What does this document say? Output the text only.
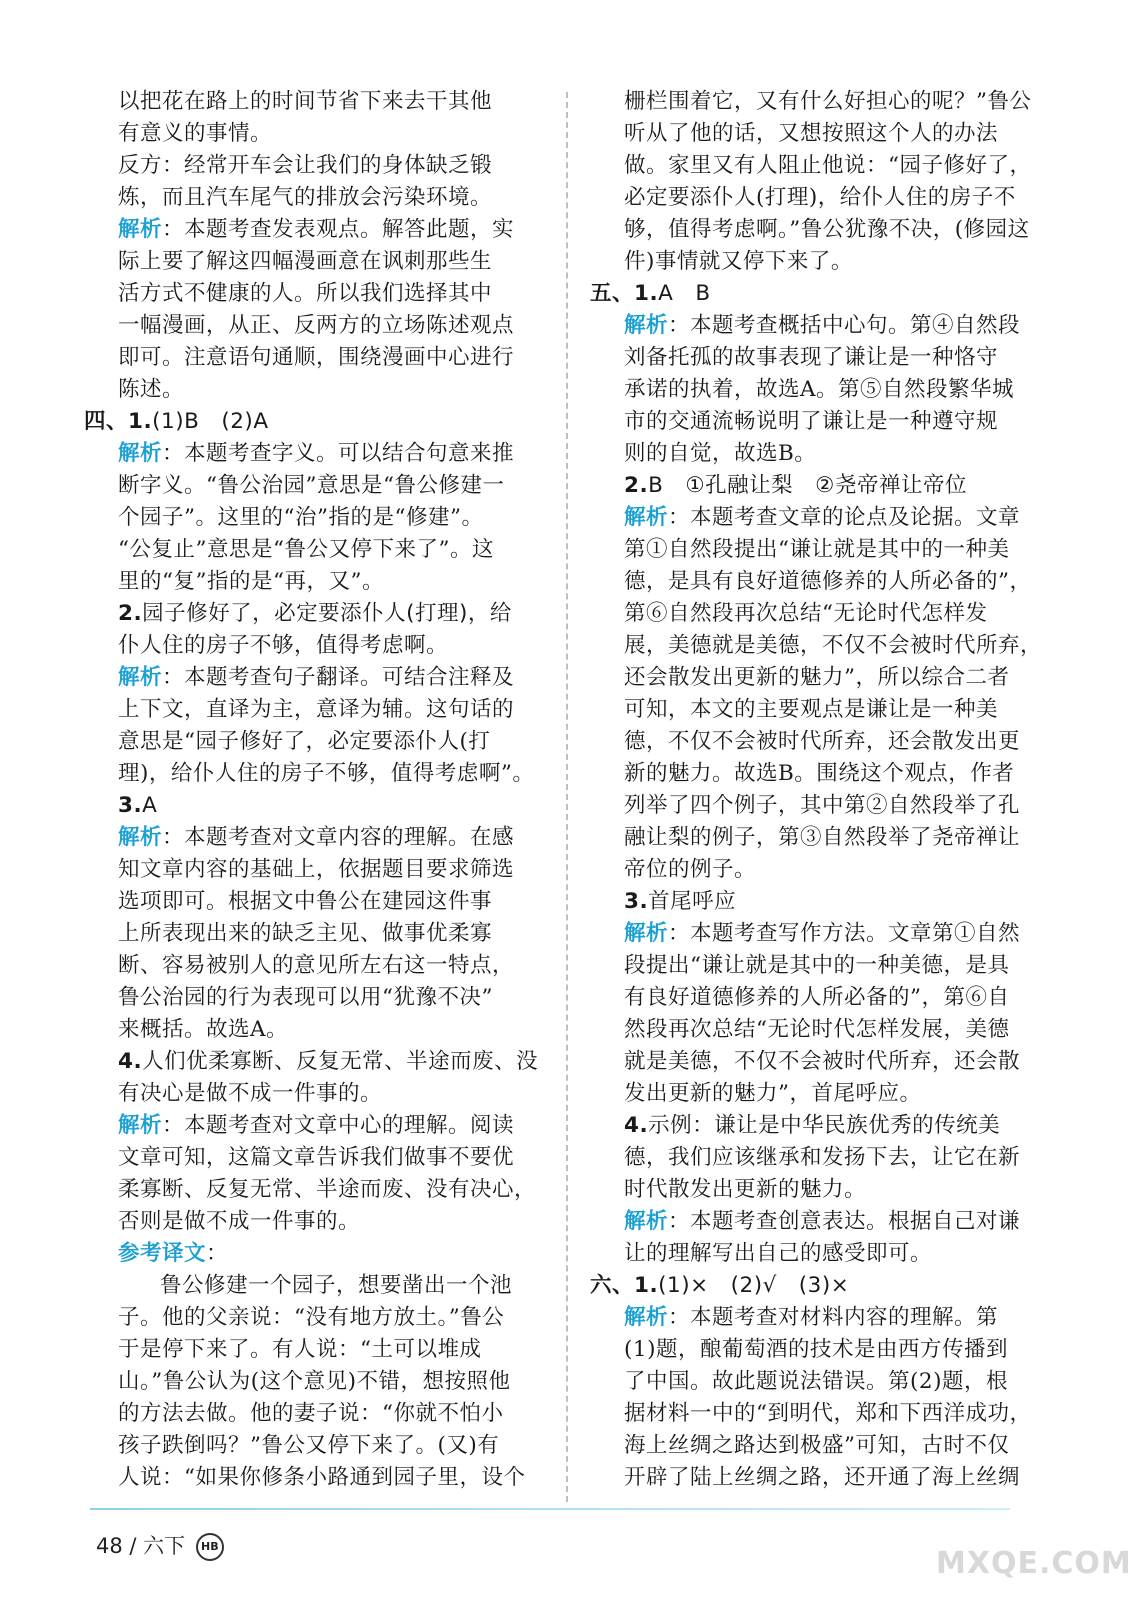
以把花在路上的时间节省下来去干其他
有意义的事情。
反方：经常开车会让我们的身体缺乏锻
炼，而且汽车尾气的排放会污染环境。
解析：本题考查发表观点。解答此题，实
际上要了解这四幅漫画意在讽刺那些生
活方式不健康的人。所以我们选择其中
一幅漫画，从正、反两方的立场陈述观点
即可。注意语句通顺，围绕漫画中心进行
陈述。
四、1.(1)B　(2)A
解析：本题考查字义。可以结合句意来推
断字义。“鲁公治园”意思是“鲁公修建一
个园子”。这里的“治”指的是“修建”。
“公复止”意思是“鲁公又停下来了”。这
里的“复”指的是“再，又”。
2.园子修好了，必定要添仆人(打理)，给
仆人住的房子不够，值得考虑啊。
解析：本题考查句子翻译。可结合注释及
上下文，直译为主，意译为辅。这句话的
意思是“园子修好了，必定要添仆人(打
理)，给仆人住的房子不够，值得考虑啊”。
3.A
解析：本题考查对文章内容的理解。在感
知文章内容的基础上，依据题目要求筛选
选项即可。根据文中鲁公在建园这件事
上所表现出来的缺乏主见、做事优柔寡
断、容易被别人的意见所左右这一特点，
鲁公治园的行为表现可以用“犹豫不决”
来概括。故选A。
4.人们优柔寡断、反复无常、半途而废、没
有决心是做不成一件事的。
解析：本题考查对文章中心的理解。阅读
文章可知，这篇文章告诉我们做事不要优
柔寡断、反复无常、半途而废、没有决心，
否则是做不成一件事的。
参考译文：
鲁公修建一个园子，想要凿出一个池
子。他的父亲说：“没有地方放土。”鲁公
于是停下来了。有人说：“土可以堆成
山。”鲁公认为(这个意见)不错，想按照他
的方法去做。他的妻子说：“你就不怕小
孩子跌倒吗？”鲁公又停下来了。(又)有
人说：“如果你修条小路通到园子里，设个
栅栏围着它，又有什么好担心的呢？”鲁公
听从了他的话，又想按照这个人的办法
做。家里又有人阻止他说：“园子修好了，
必定要添仆人(打理)，给仆人住的房子不
够，值得考虑啊。”鲁公犹豫不决，(修园这
件)事情就又停下来了。
五、1.A　B
解析：本题考查概括中心句。第④自然段
刘备托孤的故事表现了谦让是一种恪守
承诺的执着，故选A。第⑤自然段繁华城
市的交通流畅说明了谦让是一种遵守规
则的自觉，故选B。
2.B　①孔融让梨　②尧帝禅让帝位
解析：本题考查文章的论点及论据。文章
第①自然段提出“谦让就是其中的一种美
德，是具有良好道德修养的人所必备的”，
第⑥自然段再次总结“无论时代怎样发
展，美德就是美德，不仅不会被时代所弃，
还会散发出更新的魅力”，所以综合二者
可知，本文的主要观点是谦让是一种美
德，不仅不会被时代所弃，还会散发出更
新的魅力。故选B。围绕这个观点，作者
列举了四个例子，其中第②自然段举了孔
融让梨的例子，第③自然段举了尧帝禅让
帝位的例子。
3.首尾呼应
解析：本题考查写作方法。文章第①自然
段提出“谦让就是其中的一种美德，是具
有良好道德修养的人所必备的”，第⑥自
然段再次总结“无论时代怎样发展，美德
就是美德，不仅不会被时代所弃，还会散
发出更新的魅力”，首尾呼应。
4.示例：谦让是中华民族优秀的传统美
德，我们应该继承和发扬下去，让它在新
时代散发出更新的魅力。
解析：本题考查创意表达。根据自己对谦
让的理解写出自己的感受即可。
六、1.(1)×　(2)√　(3)×
解析：本题考查对材料内容的理解。第
(1)题，酿葡萄酒的技术是由西方传播到
了中国。故此题说法错误。第(2)题，根
据材料一中的“到明代，郑和下西洋成功，
海上丝绸之路达到极盛”可知，古时不仅
开辟了陆上丝绸之路，还开通了海上丝绸
48 / 六下 HB	MXQE.COM
